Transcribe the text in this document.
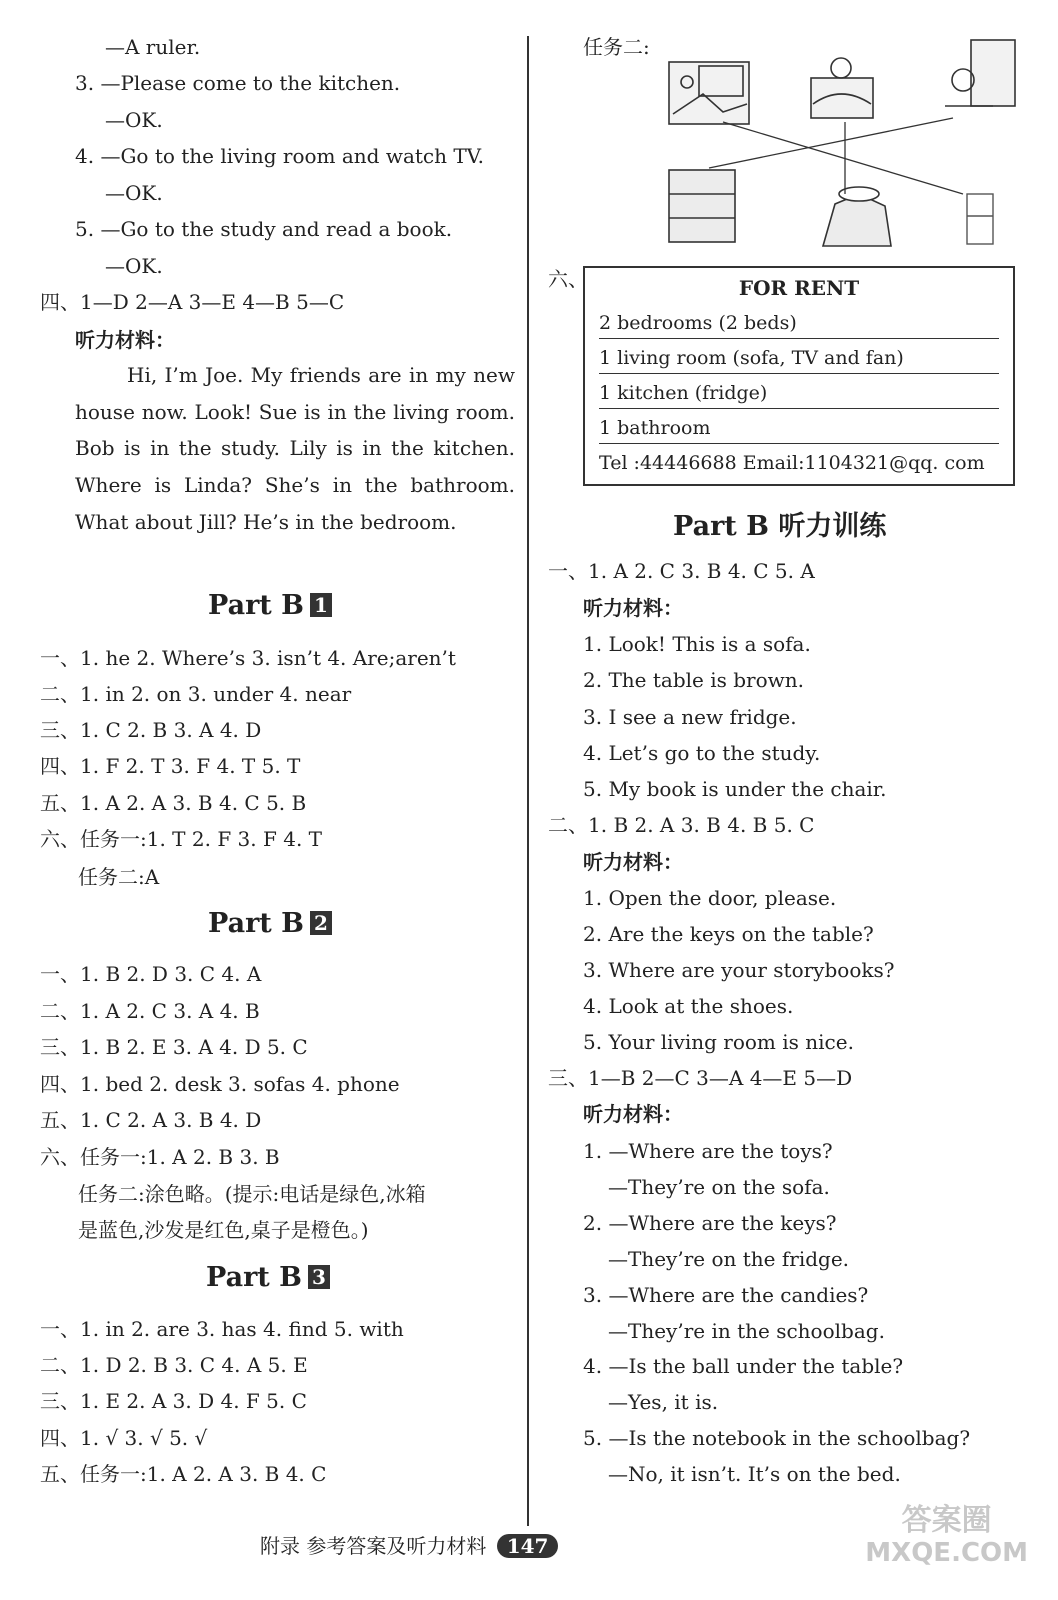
—A ruler.
3. —Please come to the kitchen.
—OK.
4. —Go to the living room and watch TV.
—OK.
5. —Go to the study and read a book.
—OK.
四、1—D 2—A 3—E 4—B 5—C
听力材料：
Hi, I’m Joe. My friends are in my new house now. Look! Sue is in the living room. Bob is in the study. Lily is in the kitchen. Where is Linda? She’s in the bathroom. What about Jill? He’s in the bedroom.
Part B 1
一、1. he 2. Where’s 3. isn’t 4. Are;aren’t
二、1. in 2. on 3. under 4. near
三、1. C 2. B 3. A 4. D
四、1. F 2. T 3. F 4. T 5. T
五、1. A 2. A 3. B 4. C 5. B
六、任务一:1. T 2. F 3. F 4. T
任务二:A
Part B 2
一、1. B 2. D 3. C 4. A
二、1. A 2. C 3. A 4. B
三、1. B 2. E 3. A 4. D 5. C
四、1. bed 2. desk 3. sofas 4. phone
五、1. C 2. A 3. B 4. D
六、任务一:1. A 2. B 3. B
任务二:涂色略。(提示:电话是绿色,冰箱
是蓝色,沙发是红色,桌子是橙色。)
Part B 3
一、1. in 2. are 3. has 4. find 5. with
二、1. D 2. B 3. C 4. A 5. E
三、1. E 2. A 3. D 4. F 5. C
四、1. √ 3. √ 5. √
五、任务一:1. A 2. A 3. B 4. C
任务二:
六、	FOR RENT
2 bedrooms (2 beds)
1 living room (sofa, TV and fan)
1 kitchen (fridge)
1 bathroom
Tel :44446688 Email:1104321@qq. com
Part B 听力训练
一、1. A 2. C 3. B 4. C 5. A
听力材料：
1. Look! This is a sofa.
2. The table is brown.
3. I see a new fridge.
4. Let’s go to the study.
5. My book is under the chair.
二、1. B 2. A 3. B 4. B 5. C
听力材料：
1. Open the door, please.
2. Are the keys on the table?
3. Where are your storybooks?
4. Look at the shoes.
5. Your living room is nice.
三、1—B 2—C 3—A 4—E 5—D
听力材料：
1. —Where are the toys?
—They’re on the sofa.
2. —Where are the keys?
—They’re on the fridge.
3. —Where are the candies?
—They’re in the schoolbag.
4. —Is the ball under the table?
—Yes, it is.
5. —Is the notebook in the schoolbag?
—No, it isn’t. It’s on the bed.
附录 参考答案及听力材料 147
答案圈
MXQE.COM
